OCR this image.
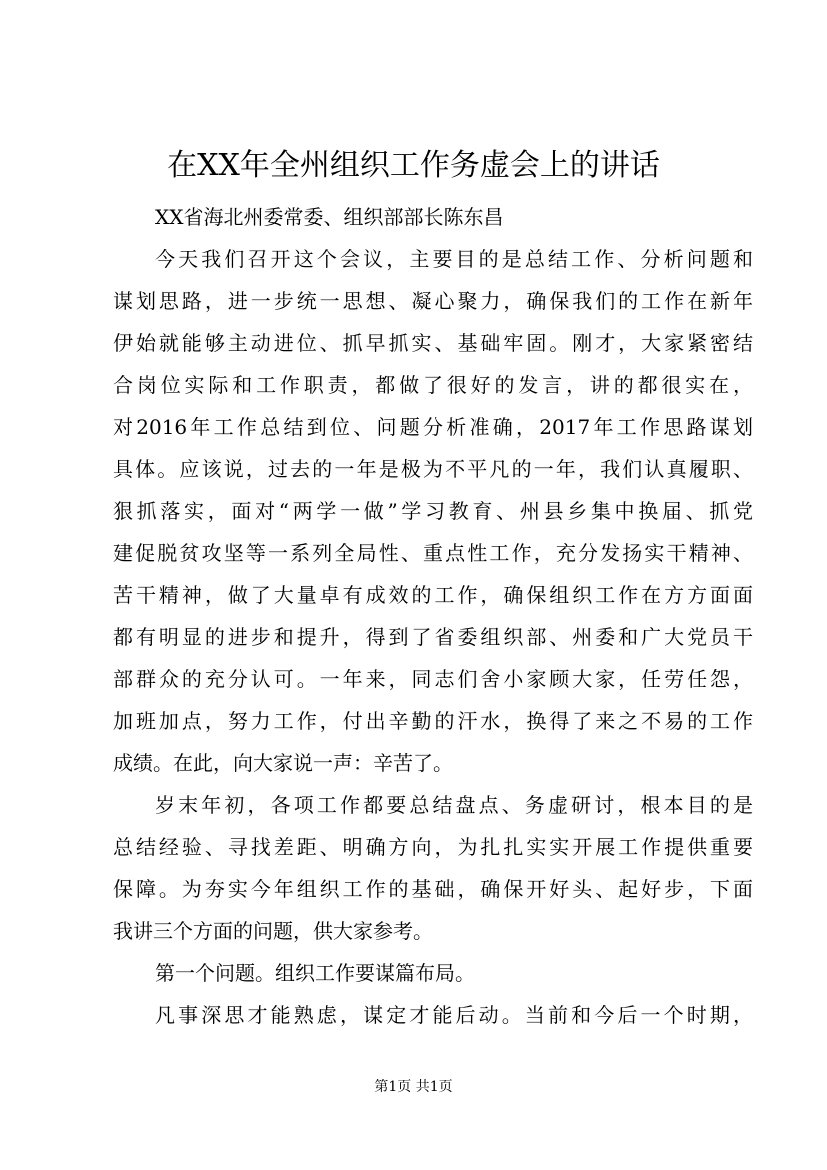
在XX年全州组织工作务虚会上的讲话
XX省海北州委常委、组织部部长陈东昌
今天我们召开这个会议，主要目的是总结工作、分析问题和
谋划思路，进一步统一思想、凝心聚力，确保我们的工作在新年
伊始就能够主动进位、抓早抓实、基础牢固。刚才，大家紧密结
合岗位实际和工作职责，都做了很好的发言，讲的都很实在，
对2016年工作总结到位、问题分析准确，2017年工作思路谋划
具体。应该说，过去的一年是极为不平凡的一年，我们认真履职、
狠抓落实，面对“两学一做”学习教育、州县乡集中换届、抓党
建促脱贫攻坚等一系列全局性、重点性工作，充分发扬实干精神、
苦干精神，做了大量卓有成效的工作，确保组织工作在方方面面
都有明显的进步和提升，得到了省委组织部、州委和广大党员干
部群众的充分认可。一年来，同志们舍小家顾大家，任劳任怨，
加班加点，努力工作，付出辛勤的汗水，换得了来之不易的工作
成绩。在此，向大家说一声：辛苦了。
岁末年初，各项工作都要总结盘点、务虚研讨，根本目的是
总结经验、寻找差距、明确方向，为扎扎实实开展工作提供重要
保障。为夯实今年组织工作的基础，确保开好头、起好步，下面
我讲三个方面的问题，供大家参考。
第一个问题。组织工作要谋篇布局。
凡事深思才能熟虑，谋定才能后动。当前和今后一个时期，
第1页 共1页
